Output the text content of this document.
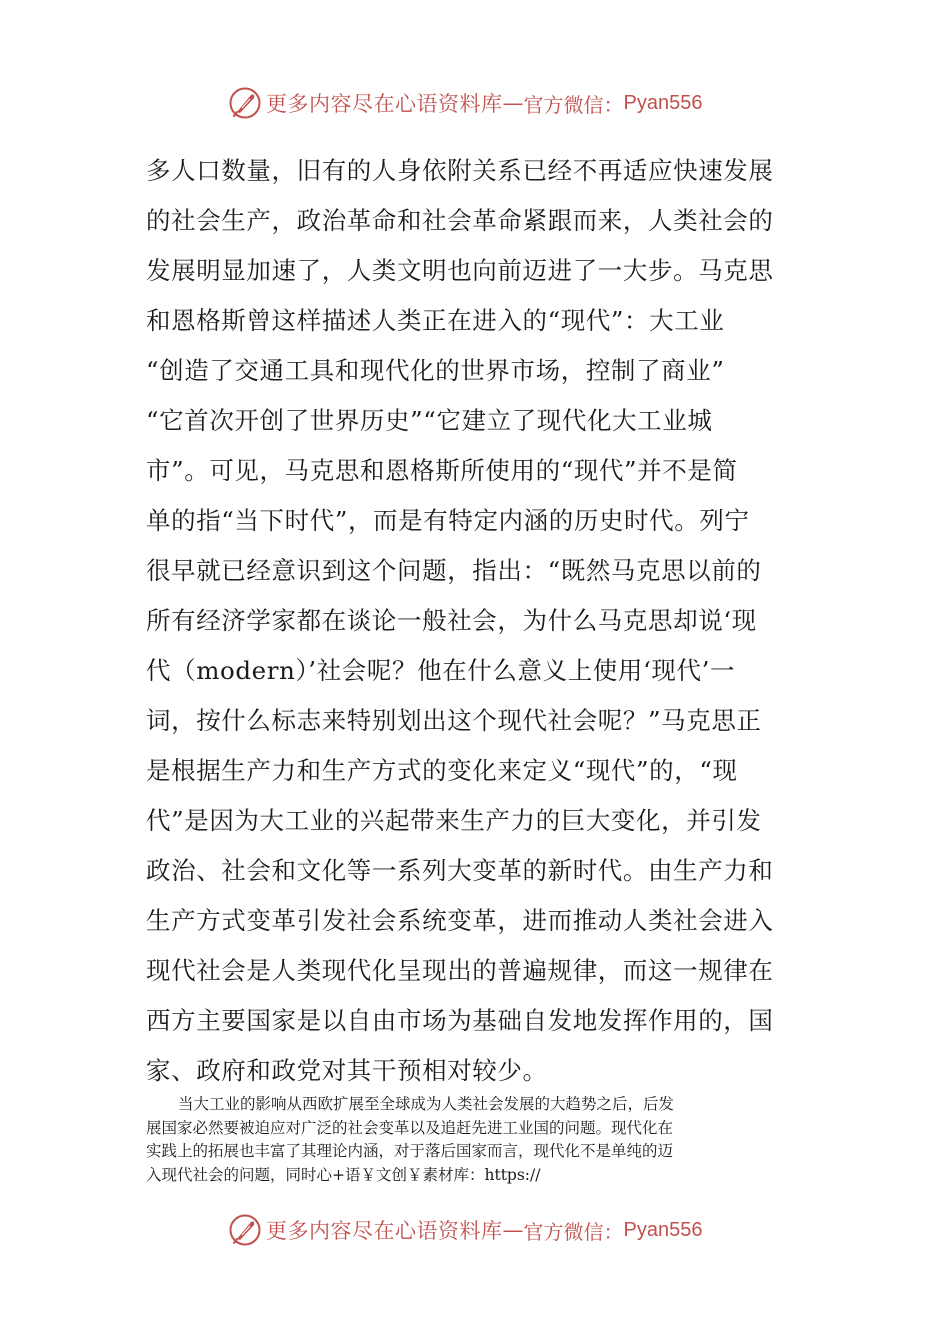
更多内容尽在心语资料库 — 官方微信： Pyan556
多人口数量，旧有的人身依附关系已经不再适应快速发展
的社会生产，政治革命和社会革命紧跟而来，人类社会的
发展明显加速了，人类文明也向前迈进了一大步。马克思
和恩格斯曾这样描述人类正在进入的“现代”：大工业
“创造了交通工具和现代化的世界市场，控制了商业”
“它首次开创了世界历史”“它建立了现代化大工业城
市”。可见，马克思和恩格斯所使用的“现代”并不是简
单的指“当下时代”，而是有特定内涵的历史时代。列宁
很早就已经意识到这个问题，指出：“既然马克思以前的
所有经济学家都在谈论一般社会，为什么马克思却说‘现
代（modern）’社会呢？他在什么意义上使用‘现代’一
词，按什么标志来特别划出这个现代社会呢？”马克思正
是根据生产力和生产方式的变化来定义“现代”的，“现
代”是因为大工业的兴起带来生产力的巨大变化，并引发
政治、社会和文化等一系列大变革的新时代。由生产力和
生产方式变革引发社会系统变革，进而推动人类社会进入
现代社会是人类现代化呈现出的普遍规律，而这一规律在
西方主要国家是以自由市场为基础自发地发挥作用的，国
家、政府和政党对其干预相对较少。
当大工业的影响从西欧扩展至全球成为人类社会发展的大趋势之后，后发
展国家必然要被迫应对广泛的社会变革以及追赶先进工业国的问题。现代化在
实践上的拓展也丰富了其理论内涵，对于落后国家而言，现代化不是单纯的迈
入现代社会的问题，同时心+语￥文创￥素材库：https://
更多内容尽在心语资料库 — 官方微信： Pyan556
